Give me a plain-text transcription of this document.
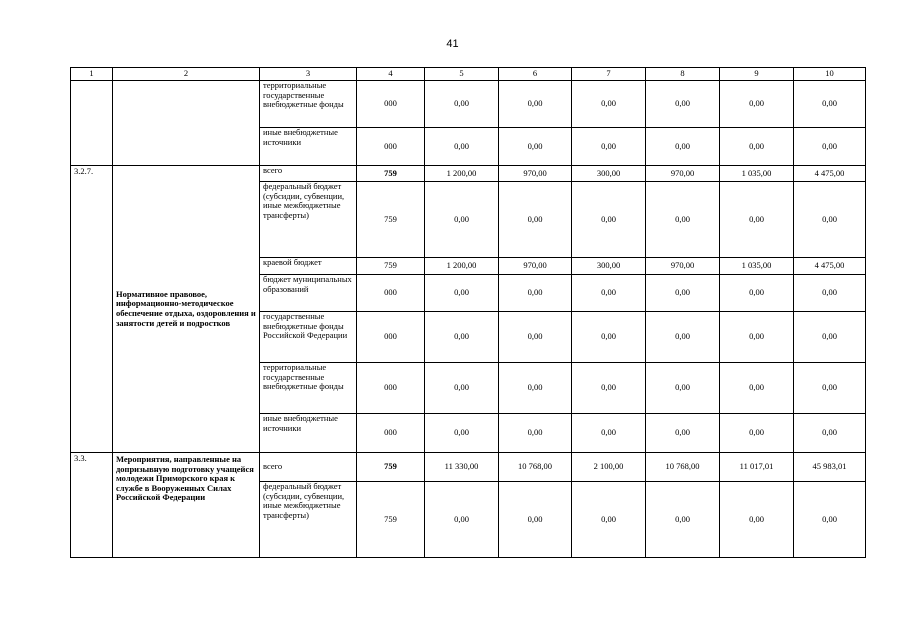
41
1	2	3	4	5	6	7	8	9	10
		территориальные государственные внебюджетные фонды	000	0,00	0,00	0,00	0,00	0,00	0,00
		иные внебюджетные источники	000	0,00	0,00	0,00	0,00	0,00	0,00
3.2.7.	Нормативное правовое, информационно-методическое обеспечение отдыха, оздоровления и занятости детей и подростков	всего	759	1 200,00	970,00	300,00	970,00	1 035,00	4 475,00
		федеральный бюджет (субсидии, субвенции, иные межбюджетные трансферты)	759	0,00	0,00	0,00	0,00	0,00	0,00
		краевой бюджет	759	1 200,00	970,00	300,00	970,00	1 035,00	4 475,00
		бюджет муниципальных образований	000	0,00	0,00	0,00	0,00	0,00	0,00
		государственные внебюджетные фонды Российской Федерации	000	0,00	0,00	0,00	0,00	0,00	0,00
		территориальные государственные внебюджетные фонды	000	0,00	0,00	0,00	0,00	0,00	0,00
		иные внебюджетные источники	000	0,00	0,00	0,00	0,00	0,00	0,00
3.3.	Мероприятия, направленные на допризывную подготовку учащейся молодежи Приморского края к службе в Вооруженных Силах Российской Федерации	всего	759	11 330,00	10 768,00	2 100,00	10 768,00	11 017,01	45 983,01
		федеральный бюджет (субсидии, субвенции, иные межбюджетные трансферты)	759	0,00	0,00	0,00	0,00	0,00	0,00
